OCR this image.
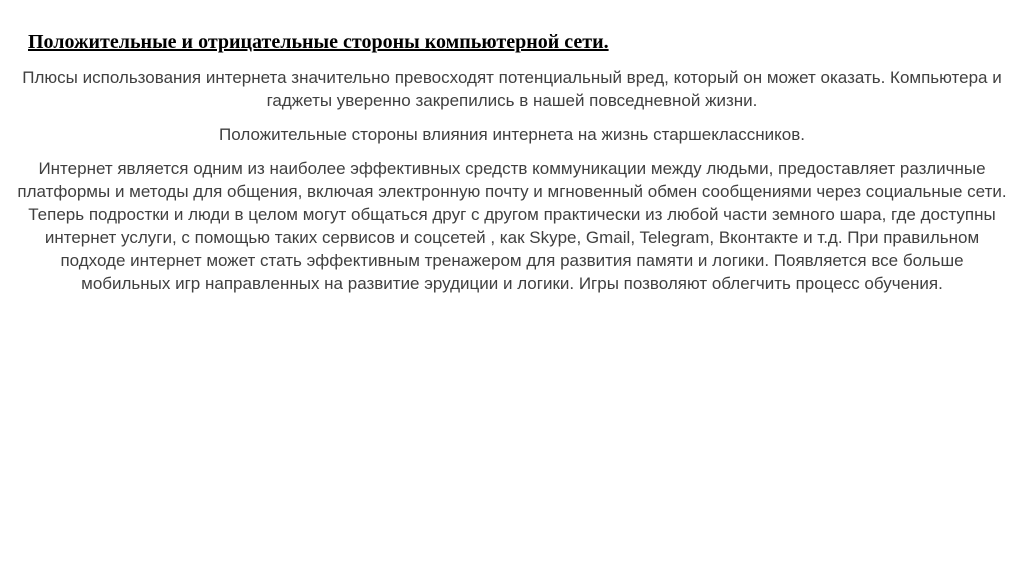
Положительные и отрицательные стороны компьютерной сети.

Плюсы использования интернета значительно превосходят потенциальный вред, который он может оказать. Компьютера и гаджеты уверенно закрепились в нашей повседневной жизни.

Положительные стороны влияния интернета на жизнь старшеклассников.

Интернет является одним из наиболее эффективных средств коммуникации между людьми, предоставляет различные платформы и методы для общения, включая электронную почту и мгновенный обмен сообщениями через социальные сети. Теперь подростки и люди в целом могут общаться друг с другом практически из любой части земного шара, где доступны интернет услуги, с помощью таких сервисов и соцсетей , как Skype, Gmail, Telegram, Вконтакте и т.д. При правильном подходе интернет может стать эффективным тренажером для развития памяти и логики. Появляется все больше мобильных игр направленных на развитие эрудиции и логики. Игры позволяют облегчить процесс обучения.
